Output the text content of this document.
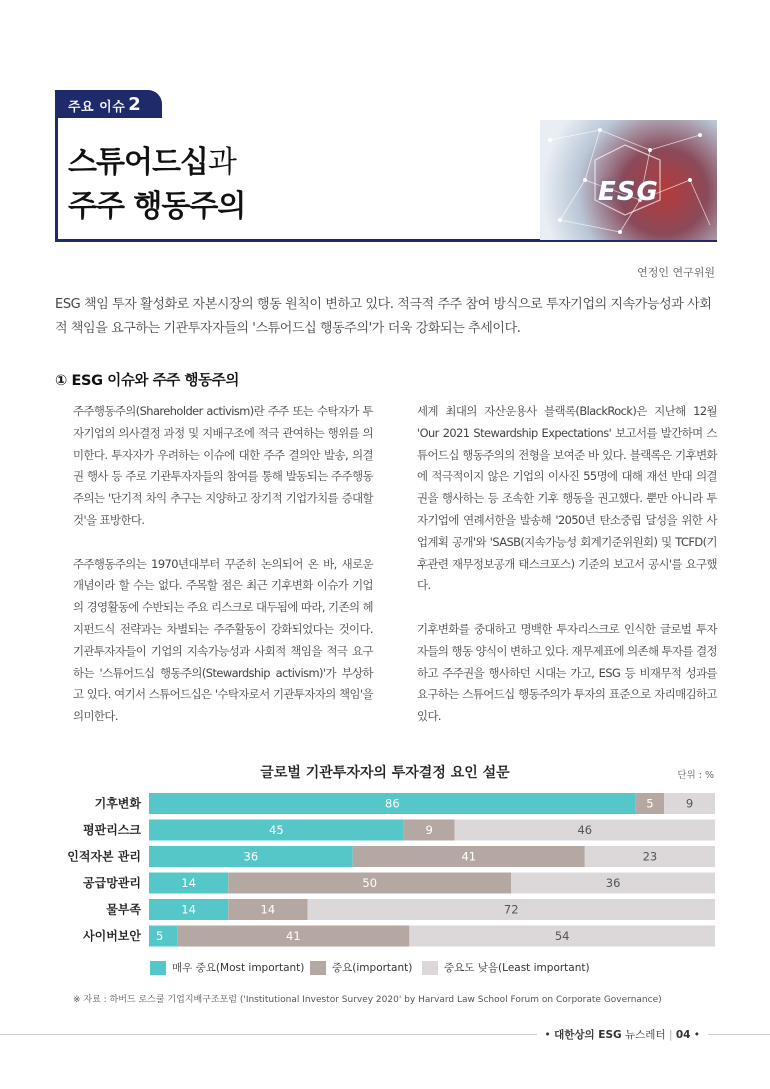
주요 이슈 2
스튜어드십과
주주 행동주의	ESG
연정인 연구위원
ESG 책임 투자 활성화로 자본시장의 행동 원칙이 변하고 있다. 적극적 주주 참여 방식으로 투자기업의 지속가능성과 사회적 책임을 요구하는 기관투자자들의 '스튜어드십 행동주의'가 더욱 강화되는 추세이다.
① ESG 이슈와 주주 행동주의

주주행동주의(Shareholder activism)란 주주 또는 수탁자가 투자기업의 의사결정 과정 및 지배구조에 적극 관여하는 행위를 의미한다. 투자자가 우려하는 이슈에 대한 주주 결의안 발송, 의결권 행사 등 주로 기관투자자들의 참여를 통해 발동되는 주주행동주의는 '단기적 차익 추구는 지양하고 장기적 기업가치를 증대할 것'을 표방한다.

주주행동주의는 1970년대부터 꾸준히 논의되어 온 바, 새로운 개념이라 할 수는 없다. 주목할 점은 최근 기후변화 이슈가 기업의 경영활동에 수반되는 주요 리스크로 대두됨에 따라, 기존의 헤지펀드식 전략과는 차별되는 주주활동이 강화되었다는 것이다. 기관투자자들이 기업의 지속가능성과 사회적 책임을 적극 요구하는 '스튜어드십 행동주의(Stewardship activism)'가 부상하고 있다. 여기서 스튜어드십은 '수탁자로서 기관투자자의 책임'을 의미한다.

세계 최대의 자산운용사 블랙록(BlackRock)은 지난해 12월 'Our 2021 Stewardship Expectations' 보고서를 발간하며 스튜어드십 행동주의의 전형을 보여준 바 있다. 블랙록은 기후변화에 적극적이지 않은 기업의 이사진 55명에 대해 재선 반대 의결권을 행사하는 등 조속한 기후 행동을 권고했다. 뿐만 아니라 투자기업에 연례서한을 발송해 '2050년 탄소중립 달성을 위한 사업계획 공개'와 'SASB(지속가능성 회계기준위원회) 및 TCFD(기후관련 재무정보공개 태스크포스) 기준의 보고서 공시'를 요구했다.

기후변화를 중대하고 명백한 투자리스크로 인식한 글로벌 투자자들의 행동 양식이 변하고 있다. 재무제표에 의존해 투자를 결정하고 주주권을 행사하던 시대는 가고, ESG 등 비재무적 성과를 요구하는 스튜어드십 행동주의가 투자의 표준으로 자리매김하고 있다.

글로벌 기관투자자의 투자결정 요인 설문	단위 : %
기후변화	86	5	9
평판리스크	45	9	46
인적자본 관리	36	41	23
공급망관리	14	50	36
물부족	14	14	72
사이버보안 5	41	54
매우 중요(Most important)	중요(important)	중요도 낮음(Least important)
※ 자료 : 하버드 로스쿨 기업지배구조포럼 ('Institutional Investor Survey 2020' by Harvard Law School Forum on Corporate Governance)
• 대한상의 ESG 뉴스레터 | 04 •
